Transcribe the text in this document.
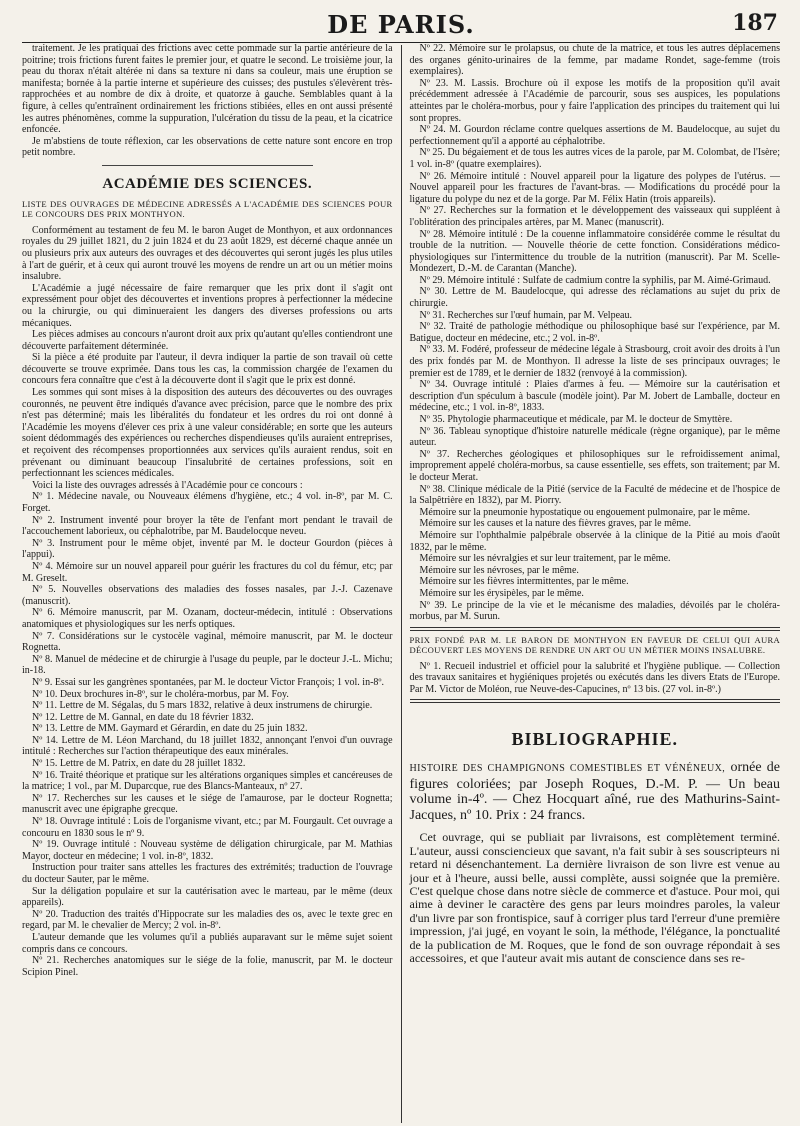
DE PARIS.	187

traitement. Je les pratiquai des frictions avec cette pommade sur la partie antérieure de la poitrine; trois frictions furent faites le premier jour, et quatre le second. Le troisième jour, la peau du thorax n'était altérée ni dans sa texture ni dans sa couleur, mais une éruption se manifesta; bornée à la partie interne et supérieure des cuisses; des pustules s'élevèrent très-rapprochées et au nombre de dix à droite, et quatorze à gauche. Semblables quant à la figure, à celles qu'entraînent ordinairement les frictions stibiées, elles en ont aussi présenté les autres phénomènes, comme la suppuration, l'ulcération du tissu de la peau, et la cicatrice enfoncée.

Je m'abstiens de toute réflexion, car les observations de cette nature sont encore en trop petit nombre.

ACADÉMIE DES SCIENCES.
LISTE DES OUVRAGES DE MÉDECINE ADRESSÉS A L'ACADÉMIE DES SCIENCES POUR LE CONCOURS DES PRIX MONTHYON.

Conformément au testament de feu M. le baron Auget de Monthyon, et aux ordonnances royales du 29 juillet 1821, du 2 juin 1824 et du 23 août 1829, est décerné chaque année un ou plusieurs prix aux auteurs des ouvrages et des découvertes qui seront jugés les plus utiles à l'art de guérir, et à ceux qui auront trouvé les moyens de rendre un art ou un métier moins insalubre.

L'Académie a jugé nécessaire de faire remarquer que les prix dont il s'agit ont expressément pour objet des découvertes et inventions propres à perfectionner la médecine ou la chirurgie, ou qui diminueraient les dangers des diverses professions ou arts mécaniques.

Les pièces admises au concours n'auront droit aux prix qu'autant qu'elles contiendront une découverte parfaitement déterminée.

Si la pièce a été produite par l'auteur, il devra indiquer la partie de son travail où cette découverte se trouve exprimée. Dans tous les cas, la commission chargée de l'examen du concours fera connaître que c'est à la découverte dont il s'agit que le prix est donné.

Les sommes qui sont mises à la disposition des auteurs des découvertes ou des ouvrages couronnés, ne peuvent être indiqués d'avance avec précision, parce que le nombre des prix n'est pas déterminé; mais les libéralités du fondateur et les ordres du roi ont donné à l'Académie les moyens d'élever ces prix à une valeur considérable; en sorte que les auteurs soient dédommagés des expériences ou recherches dispendieuses qu'ils auraient entreprises, et reçoivent des récompenses proportionnées aux services qu'ils auraient rendus, soit en prévenant ou diminuant beaucoup l'insalubrité de certaines professions, soit en perfectionnant les sciences médicales.

Voici la liste des ouvrages adressés à l'Académie pour ce concours :

Nº 1. Médecine navale, ou Nouveaux élémens d'hygiène, etc.; 4 vol. in-8º, par M. C. Forget.

Nº 2. Instrument inventé pour broyer la tête de l'enfant mort pendant le travail de l'accouchement laborieux, ou céphalotribe, par M. Baudelocque neveu.

Nº 3. Instrument pour le même objet, inventé par M. le docteur Gourdon (pièces à l'appui).

Nº 4. Mémoire sur un nouvel appareil pour guérir les fractures du col du fémur, etc; par M. Greselt.

Nº 5. Nouvelles observations des maladies des fosses nasales, par J.-J. Cazenave (manuscrit).

Nº 6. Mémoire manuscrit, par M. Ozanam, docteur-médecin, intitulé : Observations anatomiques et physiologiques sur les nerfs optiques.

Nº 7. Considérations sur le cystocèle vaginal, mémoire manuscrit, par M. le docteur Rognetta.

Nº 8. Manuel de médecine et de chirurgie à l'usage du peuple, par le docteur J.-L. Michu; in-18.

Nº 9. Essai sur les gangrènes spontanées, par M. le docteur Victor François; 1 vol. in-8º.

Nº 10. Deux brochures in-8º, sur le choléra-morbus, par M. Foy.

Nº 11. Lettre de M. Ségalas, du 5 mars 1832, relative à deux instrumens de chirurgie.

Nº 12. Lettre de M. Gannal, en date du 18 février 1832.

Nº 13. Lettre de MM. Gaymard et Gérardin, en date du 25 juin 1832.

Nº 14. Lettre de M. Léon Marchand, du 18 juillet 1832, annonçant l'envoi d'un ouvrage intitulé : Recherches sur l'action thérapeutique des eaux minérales.

Nº 15. Lettre de M. Patrix, en date du 28 juillet 1832.

Nº 16. Traité théorique et pratique sur les altérations organiques simples et cancéreuses de la matrice; 1 vol., par M. Duparcque, rue des Blancs-Manteaux, nº 27.

Nº 17. Recherches sur les causes et le siége de l'amaurose, par le docteur Rognetta; manuscrit avec une épigraphe grecque.

Nº 18. Ouvrage intitulé : Lois de l'organisme vivant, etc.; par M. Fourgault. Cet ouvrage a concouru en 1830 sous le nº 9.

Nº 19. Ouvrage intitulé : Nouveau système de déligation chirurgicale, par M. Mathias Mayor, docteur en médecine; 1 vol. in-8º, 1832.

Instruction pour traiter sans attelles les fractures des extrémités; traduction de l'ouvrage du docteur Sauter, par le même.

Sur la déligation populaire et sur la cautérisation avec le marteau, par le même (deux appareils).

Nº 20. Traduction des traités d'Hippocrate sur les maladies des os, avec le texte grec en regard, par M. le chevalier de Mercy; 2 vol. in-8º.

L'auteur demande que les volumes qu'il a publiés auparavant sur le même sujet soient compris dans ce concours.

Nº 21. Recherches anatomiques sur le siége de la folie, manuscrit, par M. le docteur Scipion Pinel.

Nº 22. Mémoire sur le prolapsus, ou chute de la matrice, et tous les autres déplacemens des organes génito-urinaires de la femme, par madame Rondet, sage-femme (trois exemplaires).

Nº 23. M. Lassis. Brochure où il expose les motifs de la proposition qu'il avait précédemment adressée à l'Académie de parcourir, sous ses auspices, les populations atteintes par le choléra-morbus, pour y faire l'application des principes du traitement qui lui sont propres.

Nº 24. M. Gourdon réclame contre quelques assertions de M. Baudelocque, au sujet du perfectionnement qu'il a apporté au céphalotribe.

Nº 25. Du bégaiement et de tous les autres vices de la parole, par M. Colombat, de l'Isère; 1 vol. in-8º (quatre exemplaires).

Nº 26. Mémoire intitulé : Nouvel appareil pour la ligature des polypes de l'utérus. — Nouvel appareil pour les fractures de l'avant-bras. — Modifications du procédé pour la ligature du polype du nez et de la gorge. Par M. Félix Hatin (trois appareils).

Nº 27. Recherches sur la formation et le développement des vaisseaux qui suppléent à l'oblitération des principales artères, par M. Manec (manuscrit).

Nº 28. Mémoire intitulé : De la couenne inflammatoire considérée comme le résultat du trouble de la nutrition. — Nouvelle théorie de cette fonction. Considérations médico-physiologiques sur l'intermittence du trouble de la nutrition (manuscrit). Par M. Scelle-Mondezert, D.-M. de Carantan (Manche).

Nº 29. Mémoire intitulé : Sulfate de cadmium contre la syphilis, par M. Aimé-Grimaud.

Nº 30. Lettre de M. Baudelocque, qui adresse des réclamations au sujet du prix de chirurgie.

Nº 31. Recherches sur l'œuf humain, par M. Velpeau.

Nº 32. Traité de pathologie méthodique ou philosophique basé sur l'expérience, par M. Batigue, docteur en médecine, etc.; 2 vol. in-8º.

Nº 33. M. Fodéré, professeur de médecine légale à Strasbourg, croit avoir des droits à l'un des prix fondés par M. de Monthyon. Il adresse la liste de ses principaux ouvrages; le premier est de 1789, et le dernier de 1832 (renvoyé à la commission).

Nº 34. Ouvrage intitulé : Plaies d'armes à feu. — Mémoire sur la cautérisation et description d'un spéculum à bascule (modèle joint). Par M. Jobert de Lamballe, docteur en médecine, etc.; 1 vol. in-8º, 1833.

Nº 35. Phytologie pharmaceutique et médicale, par M. le docteur de Smyttère.

Nº 36. Tableau synoptique d'histoire naturelle médicale (règne organique), par le même auteur.

Nº 37. Recherches géologiques et philosophiques sur le refroidissement animal, improprement appelé choléra-morbus, sa cause essentielle, ses effets, son traitement; par M. le docteur Merat.

Nº 38. Clinique médicale de la Pitié (service de la Faculté de médecine et de l'hospice de la Salpêtrière en 1832), par M. Piorry.

Mémoire sur la pneumonie hypostatique ou engouement pulmonaire, par le même.

Mémoire sur les causes et la nature des fièvres graves, par le même.

Mémoire sur l'ophthalmie palpébrale observée à la clinique de la Pitié au mois d'août 1832, par le même.

Mémoire sur les névralgies et sur leur traitement, par le même.

Mémoire sur les névroses, par le même.

Mémoire sur les fièvres intermittentes, par le même.

Mémoire sur les érysipèles, par le même.

Nº 39. Le principe de la vie et le mécanisme des maladies, dévoilés par le choléra-morbus, par M. Surun.

PRIX FONDÉ PAR M. LE BARON DE MONTHYON EN FAVEUR DE CELUI QUI AURA DÉCOUVERT LES MOYENS DE RENDRE UN ART OU UN MÉTIER MOINS INSALUBRE.

Nº 1. Recueil industriel et officiel pour la salubrité et l'hygiène publique. — Collection des travaux sanitaires et hygiéniques projetés ou exécutés dans les divers Etats de l'Europe. Par M. Victor de Moléon, rue Neuve-des-Capucines, nº 13 bis. (27 vol. in-8º.)

BIBLIOGRAPHIE.
HISTOIRE DES CHAMPIGNONS COMESTIBLES ET VÉNÉNEUX, ornée de figures coloriées; par Joseph Roques, D.-M. P. — Un beau volume in-4º. — Chez Hocquart aîné, rue des Mathurins-Saint-Jacques, nº 10. Prix : 24 francs.

Cet ouvrage, qui se publiait par livraisons, est complètement terminé. L'auteur, aussi consciencieux que savant, n'a fait subir à ses souscripteurs ni retard ni désenchantement. La dernière livraison de son livre est venue au jour et à l'heure, aussi belle, aussi complète, aussi soignée que la première. C'est quelque chose dans notre siècle de commerce et d'astuce. Pour moi, qui aime à deviner le caractère des gens par leurs moindres paroles, la valeur d'un livre par son frontispice, sauf à corriger plus tard l'erreur d'une première impression, j'ai jugé, en voyant le soin, la méthode, l'élégance, la ponctualité de la publication de M. Roques, que le fond de son ouvrage répondait à ses accessoires, et que l'auteur avait mis autant de conscience dans ses re-
